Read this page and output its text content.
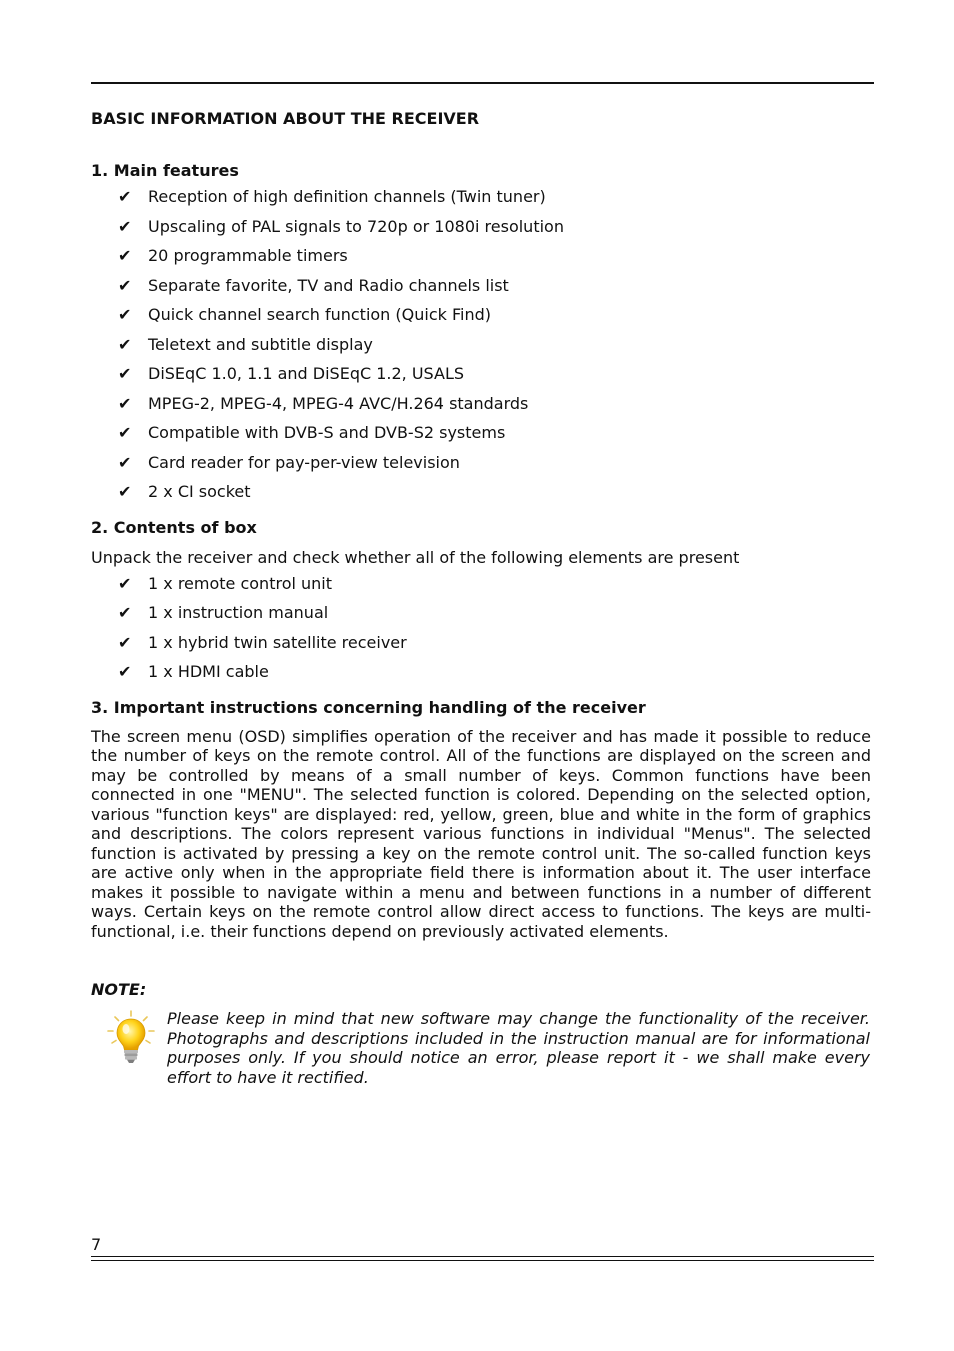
BASIC INFORMATION ABOUT THE RECEIVER
1. Main features
✔ Reception of high definition channels (Twin tuner)
✔ Upscaling of PAL signals to 720p or 1080i resolution
✔ 20 programmable timers
✔ Separate favorite, TV and Radio channels list
✔ Quick channel search function (Quick Find)
✔ Teletext and subtitle display
✔ DiSEqC 1.0, 1.1 and DiSEqC 1.2, USALS
✔ MPEG-2, MPEG-4, MPEG-4 AVC/H.264 standards
✔ Compatible with DVB-S and DVB-S2 systems
✔ Card reader for pay-per-view television
✔ 2 x CI socket
2. Contents of box

Unpack the receiver and check whether all of the following elements are present

✔ 1 x remote control unit
✔ 1 x instruction manual
✔ 1 x hybrid twin satellite receiver
✔ 1 x HDMI cable
3. Important instructions concerning handling of the receiver

The screen menu (OSD) simplifies operation of the receiver and has made it possible to reduce the number of keys on the remote control. All of the functions are displayed on the screen and may be controlled by means of a small number of keys. Common functions have been connected in one "MENU". The selected function is colored. Depending on the selected option, various "function keys" are displayed: red, yellow, green, blue and white in the form of graphics and descriptions. The colors represent various functions in individual "Menus". The selected function is activated by pressing a key on the remote control unit. The so-called function keys are active only when in the appropriate field there is information about it. The user interface makes it possible to navigate within a menu and between functions in a number of different ways. Certain keys on the remote control allow direct access to functions. The keys are multi-functional, i.e. their functions depend on previously activated elements.

NOTE:

Please keep in mind that new software may change the functionality of the receiver. Photographs and descriptions included in the instruction manual are for informational purposes only. If you should notice an error, please report it - we shall make every effort to have it rectified.
7
